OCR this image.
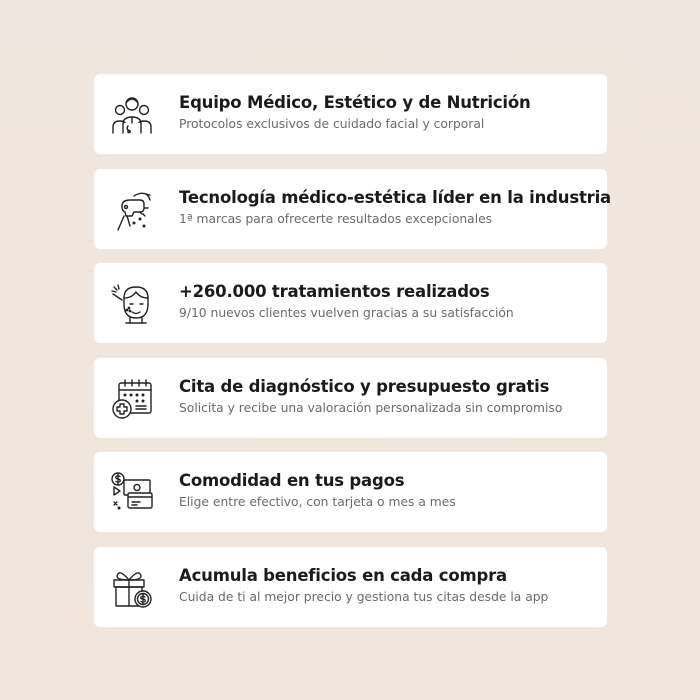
Equipo Médico, Estético y de Nutrición
Protocolos exclusivos de cuidado facial y corporal
Tecnología médico-estética líder en la industria
1ª marcas para ofrecerte resultados excepcionales
+260.000 tratamientos realizados
9/10 nuevos clientes vuelven gracias a su satisfacción
Cita de diagnóstico y presupuesto gratis
Solicita y recibe una valoración personalizada sin compromiso
Comodidad en tus pagos
Elige entre efectivo, con tarjeta o mes a mes
Acumula beneficios en cada compra
Cuida de ti al mejor precio y gestiona tus citas desde la app
